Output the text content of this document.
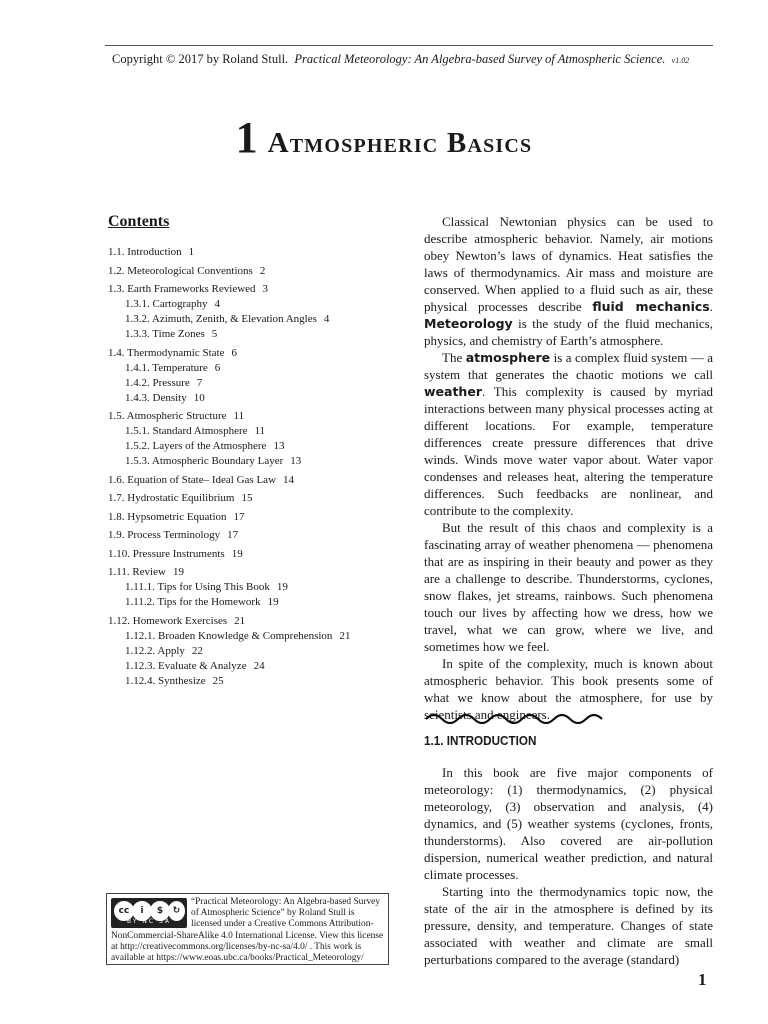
Copyright © 2017 by Roland Stull. Practical Meteorology: An Algebra-based Survey of Atmospheric Science. v1.02
1 Atmospheric Basics
Contents
1.1. Introduction 1
1.2. Meteorological Conventions 2
1.3. Earth Frameworks Reviewed 3
1.3.1. Cartography 4
1.3.2. Azimuth, Zenith, & Elevation Angles 4
1.3.3. Time Zones 5
1.4. Thermodynamic State 6
1.4.1. Temperature 6
1.4.2. Pressure 7
1.4.3. Density 10
1.5. Atmospheric Structure 11
1.5.1. Standard Atmosphere 11
1.5.2. Layers of the Atmosphere 13
1.5.3. Atmospheric Boundary Layer 13
1.6. Equation of State– Ideal Gas Law 14
1.7. Hydrostatic Equilibrium 15
1.8. Hypsometric Equation 17
1.9. Process Terminology 17
1.10. Pressure Instruments 19
1.11. Review 19
1.11.1. Tips for Using This Book 19
1.11.2. Tips for the Homework 19
1.12. Homework Exercises 21
1.12.1. Broaden Knowledge & Comprehension 21
1.12.2. Apply 22
1.12.3. Evaluate & Analyze 24
1.12.4. Synthesize 25
cc	i	$	↻
BY NC SA
“Practical Meteorology: An Algebra-based Survey of Atmospheric Science” by Roland Stull is licensed under a Creative Commons Attribution-NonCommercial-ShareAlike 4.0 International License. View this license at http://creativecommons.org/licenses/by-nc-sa/4.0/ . This work is available at https://www.eoas.ubc.ca/books/Practical_Meteorology/

Classical Newtonian physics can be used to describe atmospheric behavior. Namely, air motions obey Newton’s laws of dynamics. Heat satisfies the laws of thermodynamics. Air mass and moisture are conserved. When applied to a fluid such as air, these physical processes describe fluid mechanics. Meteorology is the study of the fluid mechanics, physics, and chemistry of Earth’s atmosphere.

The atmosphere is a complex fluid system — a system that generates the chaotic motions we call weather. This complexity is caused by myriad interactions between many physical processes acting at different locations. For example, temperature differences create pressure differences that drive winds. Winds move water vapor about. Water vapor condenses and releases heat, altering the temperature differences. Such feedbacks are nonlinear, and contribute to the complexity.

But the result of this chaos and complexity is a fascinating array of weather phenomena — phenomena that are as inspiring in their beauty and power as they are a challenge to describe. Thunderstorms, cyclones, snow flakes, jet streams, rainbows. Such phenomena touch our lives by affecting how we dress, how we travel, what we can grow, where we live, and sometimes how we feel.

In spite of the complexity, much is known about atmospheric behavior. This book presents some of what we know about the atmosphere, for use by scientists and engineers.

1.1. INTRODUCTION

In this book are five major components of meteorology: (1) thermodynamics, (2) physical meteorology, (3) observation and analysis, (4) dynamics, and (5) weather systems (cyclones, fronts, thunderstorms). Also covered are air-pollution dispersion, numerical weather prediction, and natural climate processes.

Starting into the thermodynamics topic now, the state of the air in the atmosphere is defined by its pressure, density, and temperature. Changes of state associated with weather and climate are small perturbations compared to the average (standard)

1
